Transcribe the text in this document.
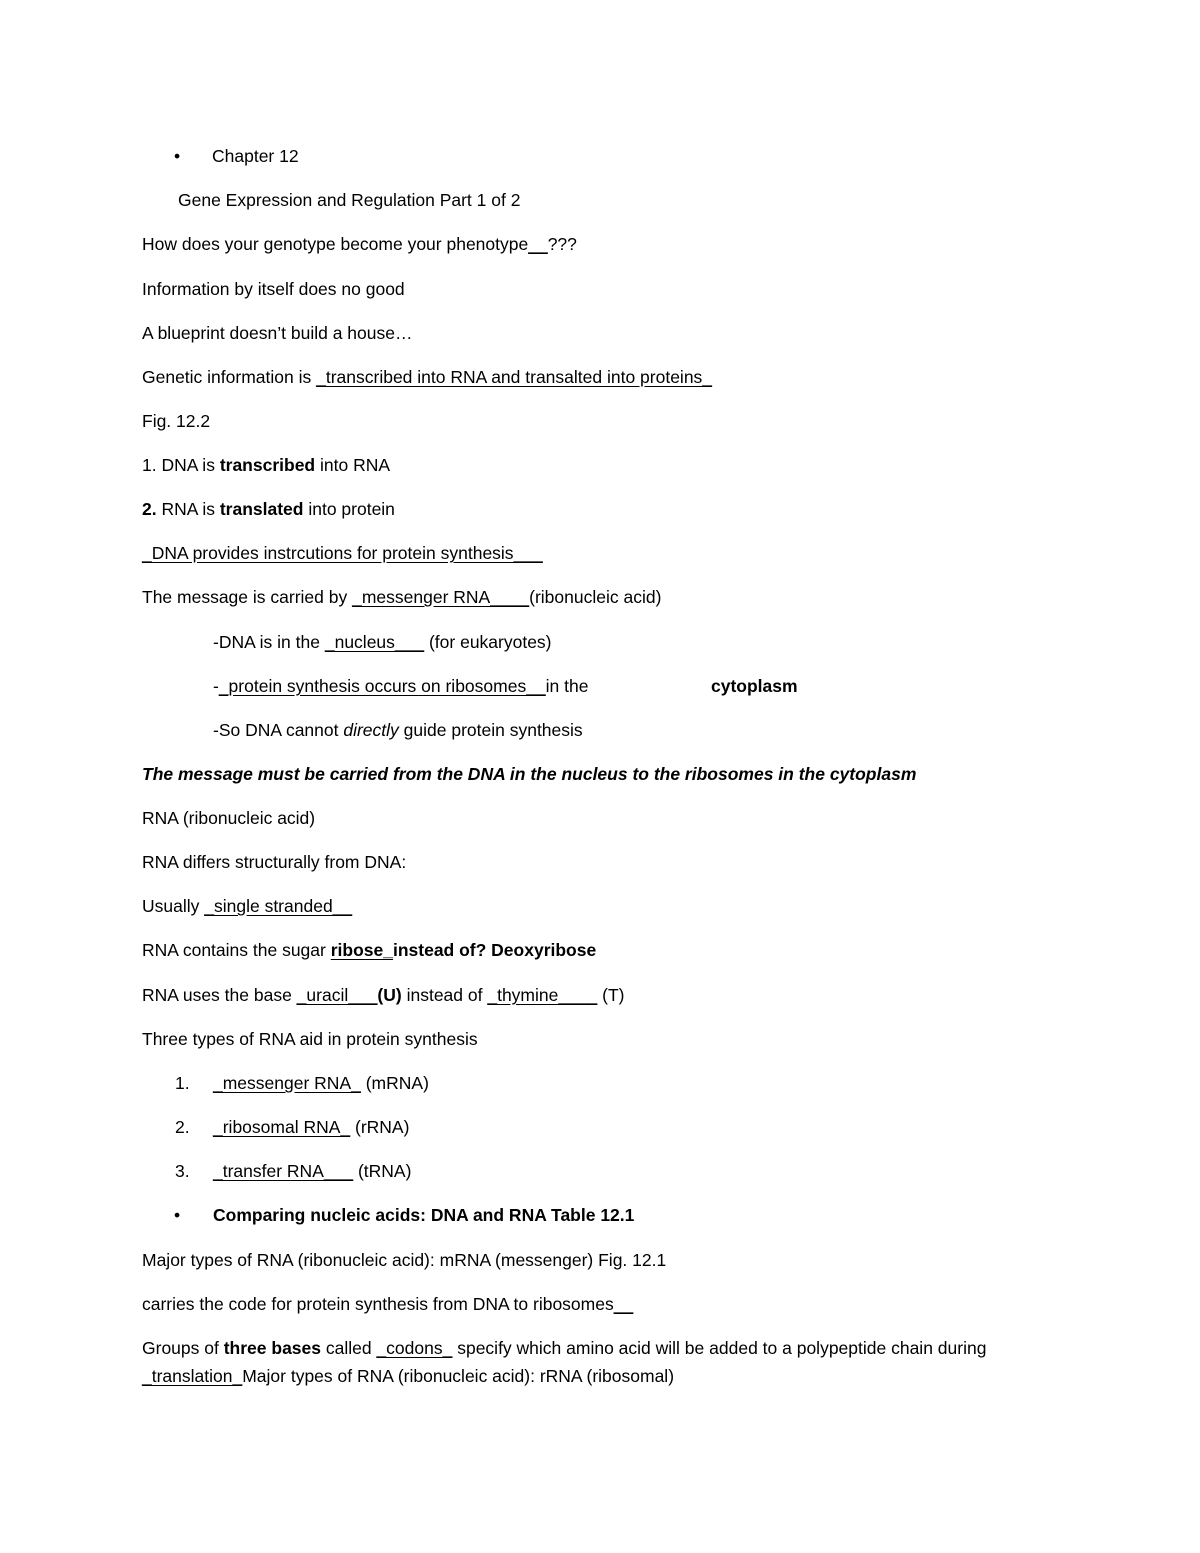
• Chapter 12
Gene Expression and Regulation Part 1 of 2
How does your genotype become your phenotype__???
Information by itself does no good
A blueprint doesn’t build a house…
Genetic information is _transcribed into RNA and transalted into proteins_
Fig. 12.2
1. DNA is transcribed into RNA
2. RNA is translated into protein
_DNA provides instrcutions for protein synthesis___
The message is carried by _messenger RNA____(ribonucleic acid)
-DNA is in the _nucleus___ (for eukaryotes)
-_protein synthesis occurs on ribosomes__in the	cytoplasm
-So DNA cannot directly guide protein synthesis
The message must be carried from the DNA in the nucleus to the ribosomes in the cytoplasm
RNA (ribonucleic acid)
RNA differs structurally from DNA:
Usually _single stranded__
RNA contains the sugar ribose_instead of? Deoxyribose
RNA uses the base _uracil___(U) instead of _thymine____ (T)
Three types of RNA aid in protein synthesis
1. _messenger RNA_ (mRNA)
2. _ribosomal RNA_ (rRNA)
3. _transfer RNA___ (tRNA)
• Comparing nucleic acids: DNA and RNA Table 12.1
Major types of RNA (ribonucleic acid): mRNA (messenger) Fig. 12.1
carries the code for protein synthesis from DNA to ribosomes__
Groups of three bases called _codons_ specify which amino acid will be added to a polypeptide chain during _translation_Major types of RNA (ribonucleic acid): rRNA (ribosomal)
